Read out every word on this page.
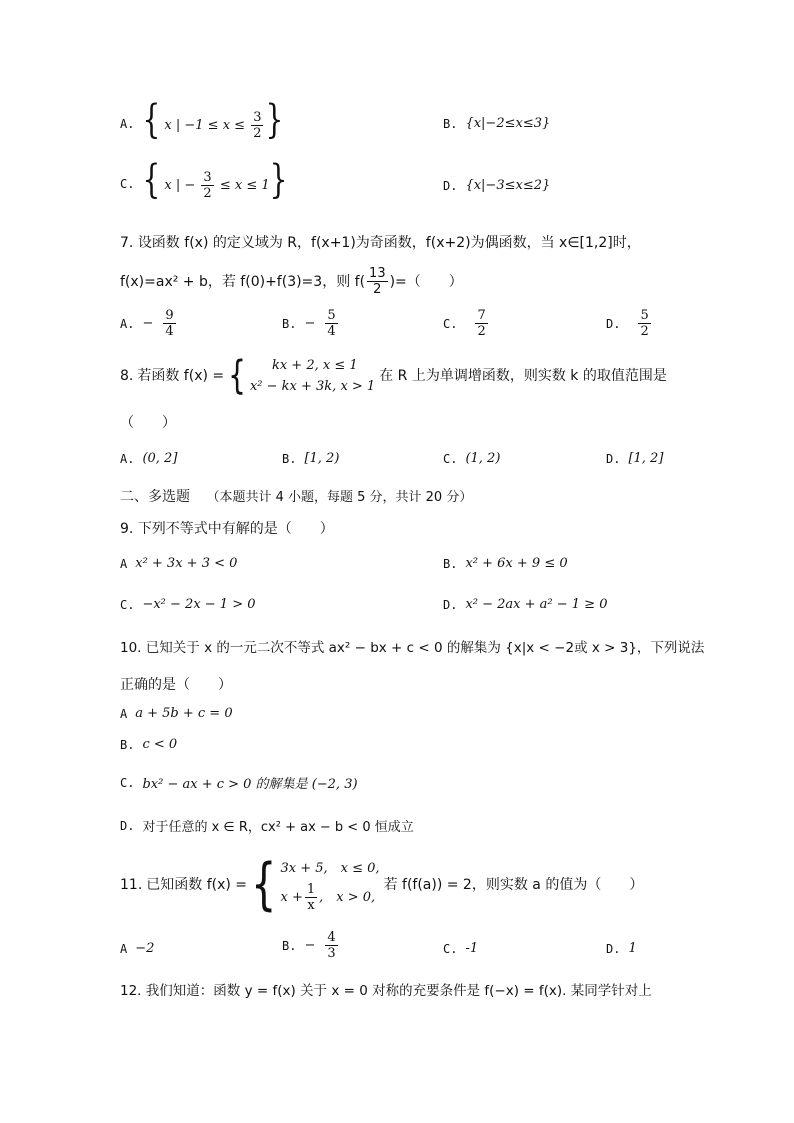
A. { x | $-1 \le x \le \frac{3}{2}$ }	B. {x|−2≤x≤3}
C. { x | − $\frac{3}{2} \le x \le 1$}	D. {x|−3≤x≤2}
7. 设函数 f(x) 的定义域为 R，f(x+1)为奇函数，f(x+2)为偶函数，当 x∈[1,2]时，
f(x)=ax² + b，若 f(0)+f(3)=3，则 $f( \frac{13}{2}$ )=（　　）
A. − $\frac{9}{4}$	B. − $\frac{5}{4}$	C. $\frac{7}{2}$	D. $\frac{5}{2}$
8. 若函数 f(x) = {	kx + 2, x ≤ 1
x² − kx + 3k, x > 1
在 R 上为单调增函数，则实数 k 的取值范围是
（　　）
A. (0, 2]	B. [1, 2)	C. (1, 2)	D. [1, 2]
二、多选题 （本题共计 4 小题，每题 5 分，共计 20 分）
9. 下列不等式中有解的是（　　）
A x² + 3x + 3 < 0	B. x² + 6x + 9 ≤ 0
C. −x² − 2x − 1 > 0	D. x² − 2ax + a² − 1 ≥ 0
10. 已知关于 x 的一元二次不等式 ax² − bx + c < 0 的解集为 {x|x < −2或 x > 3}，下列说法
正确的是（　　）
A a + 5b + c = 0
B. c < 0
C. bx² − ax + c > 0 的解集是 (−2, 3)
D. 对于任意的 x ∈ R，cx² + ax − b < 0 恒成立
11. 已知函数 f(x) = { 3x + 5,　x ≤ 0,
$x + \frac{1}{x}$ ,　x > 0,
若 f(f(a)) = 2，则实数 a 的值为（　　）
A −2	B. − $\frac{4}{3}$	C. -1	D. 1
12. 我们知道：函数 y = f(x) 关于 x = 0 对称的充要条件是 f(−x) = f(x). 某同学针对上
